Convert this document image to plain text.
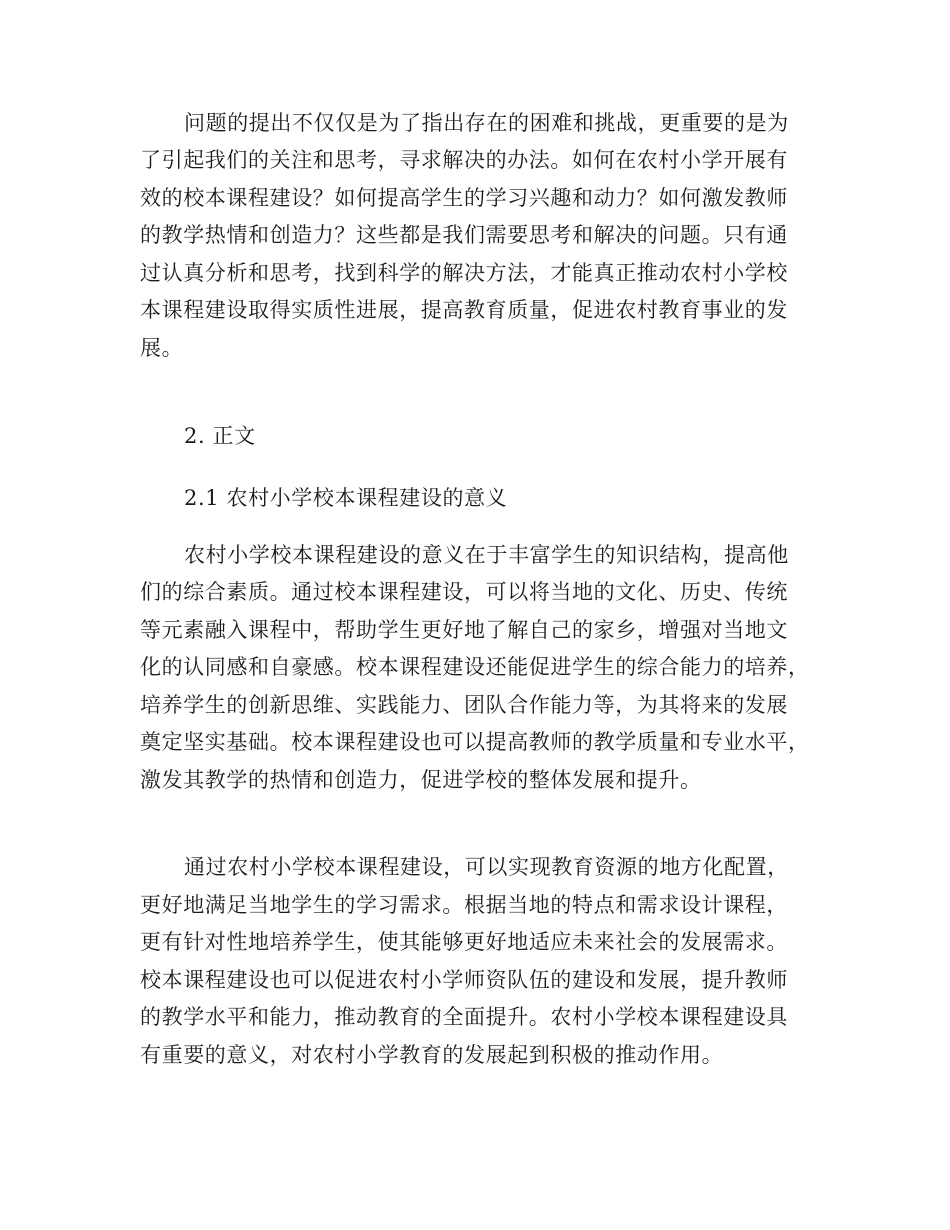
问题的提出不仅仅是为了指出存在的困难和挑战，更重要的是为

了引起我们的关注和思考，寻求解决的办法。如何在农村小学开展有

效的校本课程建设？如何提高学生的学习兴趣和动力？如何激发教师

的教学热情和创造力？这些都是我们需要思考和解决的问题。只有通

过认真分析和思考，找到科学的解决方法，才能真正推动农村小学校

本课程建设取得实质性进展，提高教育质量，促进农村教育事业的发

展。

2. 正文

2.1 农村小学校本课程建设的意义

农村小学校本课程建设的意义在于丰富学生的知识结构，提高他

们的综合素质。通过校本课程建设，可以将当地的文化、历史、传统

等元素融入课程中，帮助学生更好地了解自己的家乡，增强对当地文

化的认同感和自豪感。校本课程建设还能促进学生的综合能力的培养，

培养学生的创新思维、实践能力、团队合作能力等，为其将来的发展

奠定坚实基础。校本课程建设也可以提高教师的教学质量和专业水平，

激发其教学的热情和创造力，促进学校的整体发展和提升。

通过农村小学校本课程建设，可以实现教育资源的地方化配置，

更好地满足当地学生的学习需求。根据当地的特点和需求设计课程，

更有针对性地培养学生，使其能够更好地适应未来社会的发展需求。

校本课程建设也可以促进农村小学师资队伍的建设和发展，提升教师

的教学水平和能力，推动教育的全面提升。农村小学校本课程建设具

有重要的意义，对农村小学教育的发展起到积极的推动作用。
